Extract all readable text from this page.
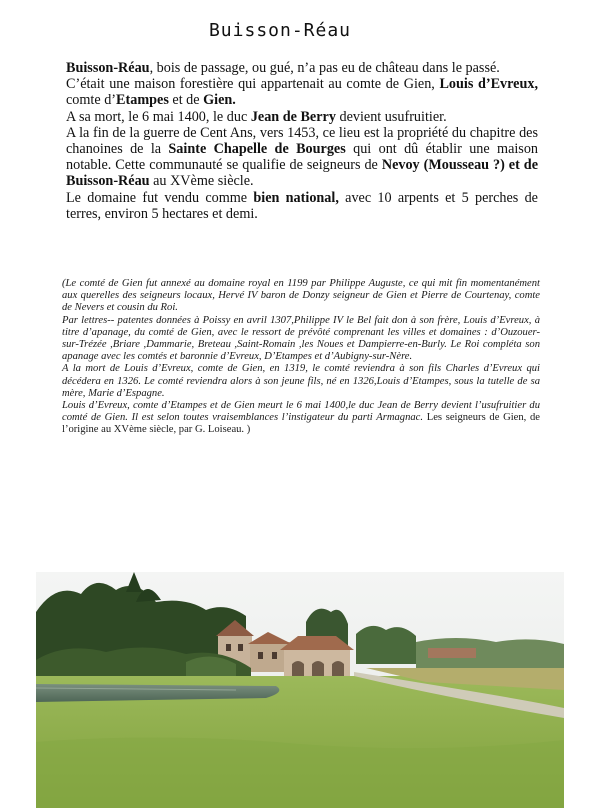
Buisson-Réau

Buisson-Réau, bois de passage, ou gué, n’a pas eu de château dans le passé.

C’était une maison forestière qui appartenait au comte de Gien, Louis d’Evreux, comte d’Etampes et de Gien.

A sa mort, le 6 mai 1400, le duc Jean de Berry devient usufruitier.

A la fin de la guerre de Cent Ans, vers 1453, ce lieu est la propriété du chapitre des chanoines de la Sainte Chapelle de Bourges qui ont dû établir une maison notable. Cette communauté se qualifie de seigneurs de Nevoy (Mousseau ?) et de Buisson-Réau au XVème siècle.

Le domaine fut vendu comme bien national, avec 10 arpents et 5 perches de terres, environ 5 hectares et demi.

(Le comté de Gien fut annexé au domaine royal en 1199 par Philippe Auguste, ce qui mit fin momentanément aux querelles des seigneurs locaux, Hervé IV baron de Donzy seigneur de Gien et Pierre de Courtenay, comte de Nevers et cousin du Roi.

Par lettres-- patentes données à Poissy en avril 1307,Philippe IV le Bel fait don à son frère, Louis d’Evreux, à titre d’apanage, du comté de Gien, avec le ressort de prévôté comprenant les villes et domaines : d’Ouzouer-sur-Trézée ,Briare ,Dammarie, Breteau ,Saint-Romain ,les Noues et Dampierre-en-Burly. Le Roi compléta son apanage avec les comtés et baronnie d’Evreux, D’Etampes et d’Aubigny-sur-Nère.

A la mort de Louis d’Evreux, comte de Gien, en 1319, le comté reviendra à son fils Charles d’Evreux qui décédera en 1326. Le comté reviendra alors à son jeune fils, né en 1326,Louis d’Etampes, sous la tutelle de sa mère, Marie d’Espagne.

Louis d’Evreux, comte d’Etampes et de Gien meurt le 6 mai 1400,le duc Jean de Berry devient l’usufruitier du comté de Gien. Il est selon toutes vraisemblances l’instigateur du parti Armagnac. Les seigneurs de Gien, de l’origine au XVème siècle, par G. Loiseau. )
